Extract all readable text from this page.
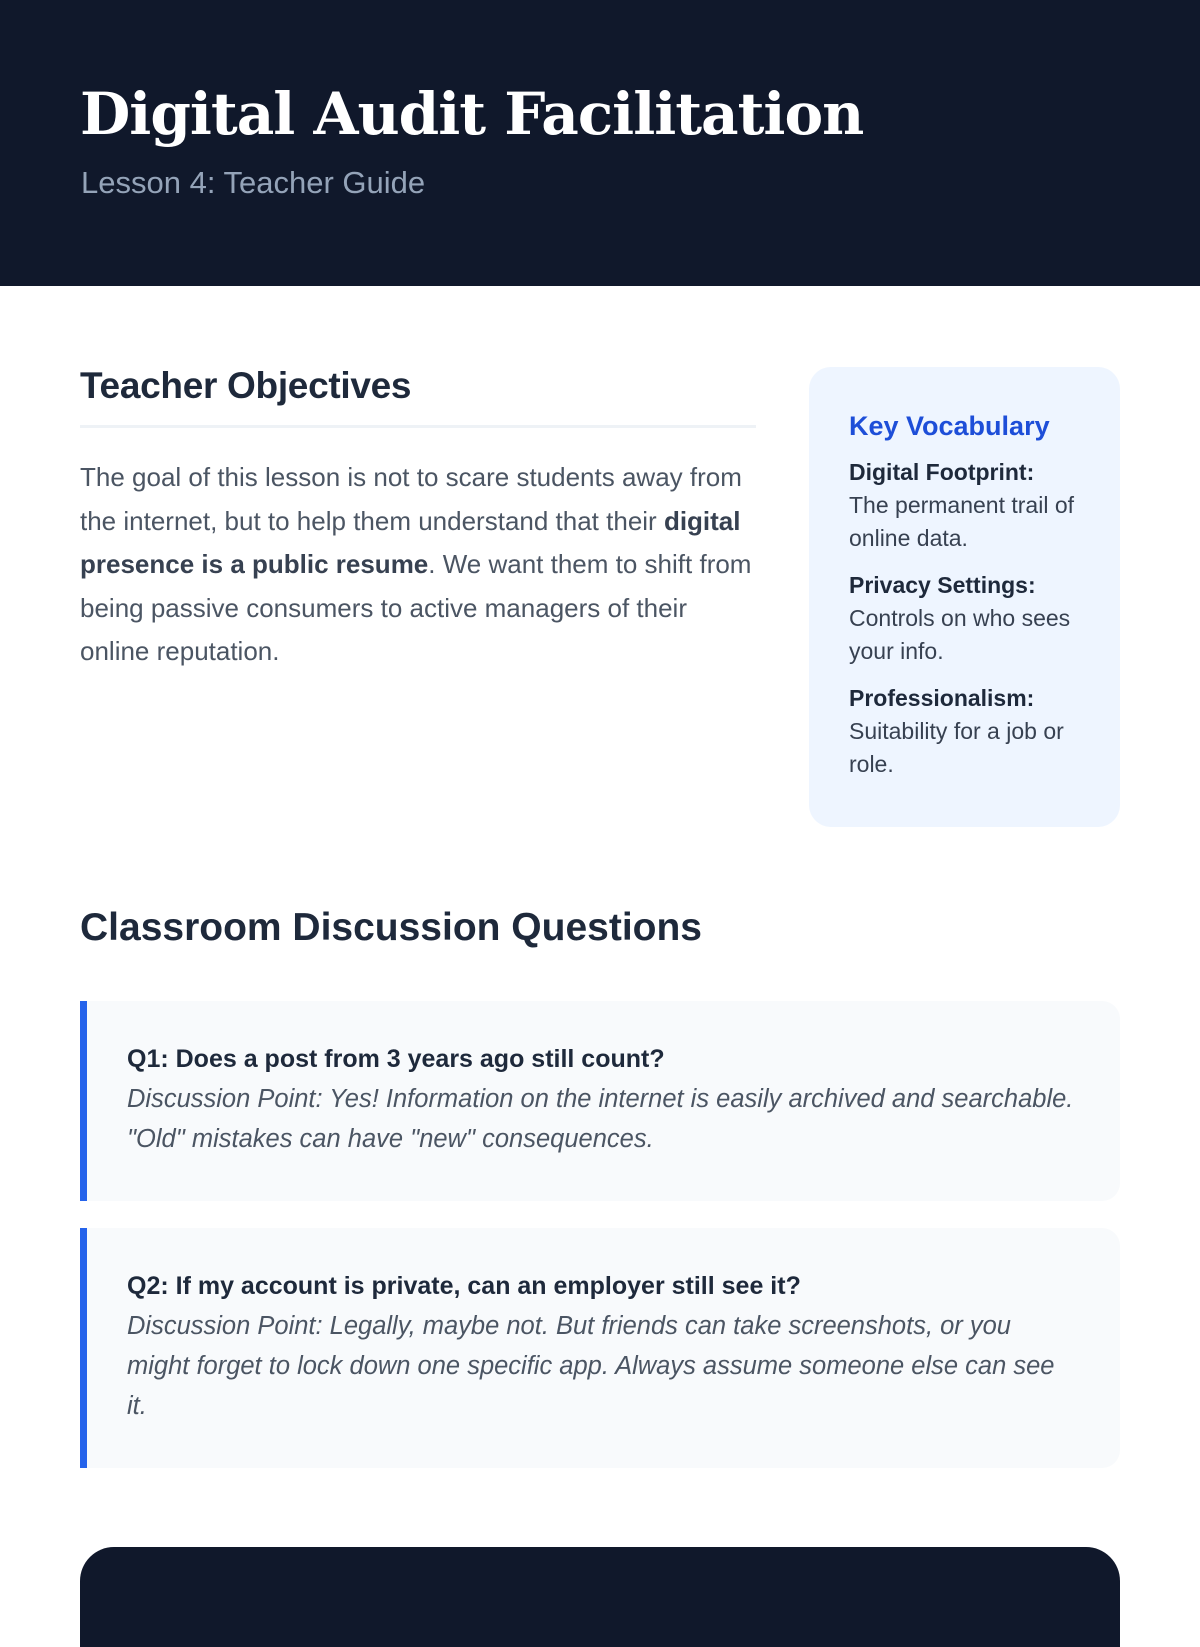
Digital Audit Facilitation
Lesson 4: Teacher Guide
Teacher Objectives

The goal of this lesson is not to scare students away from the internet, but to help them understand that their digital presence is a public resume. We want them to shift from being passive consumers to active managers of their online reputation.

Key Vocabulary
Digital Footprint:
The permanent trail of online data.
Privacy Settings:
Controls on who sees your info.
Professionalism:
Suitability for a job or role.
Classroom Discussion Questions
Q1: Does a post from 3 years ago still count?
Discussion Point: Yes! Information on the internet is easily archived and searchable. "Old" mistakes can have "new" consequences.
Q2: If my account is private, can an employer still see it?
Discussion Point: Legally, maybe not. But friends can take screenshots, or you might forget to lock down one specific app. Always assume someone else can see it.
